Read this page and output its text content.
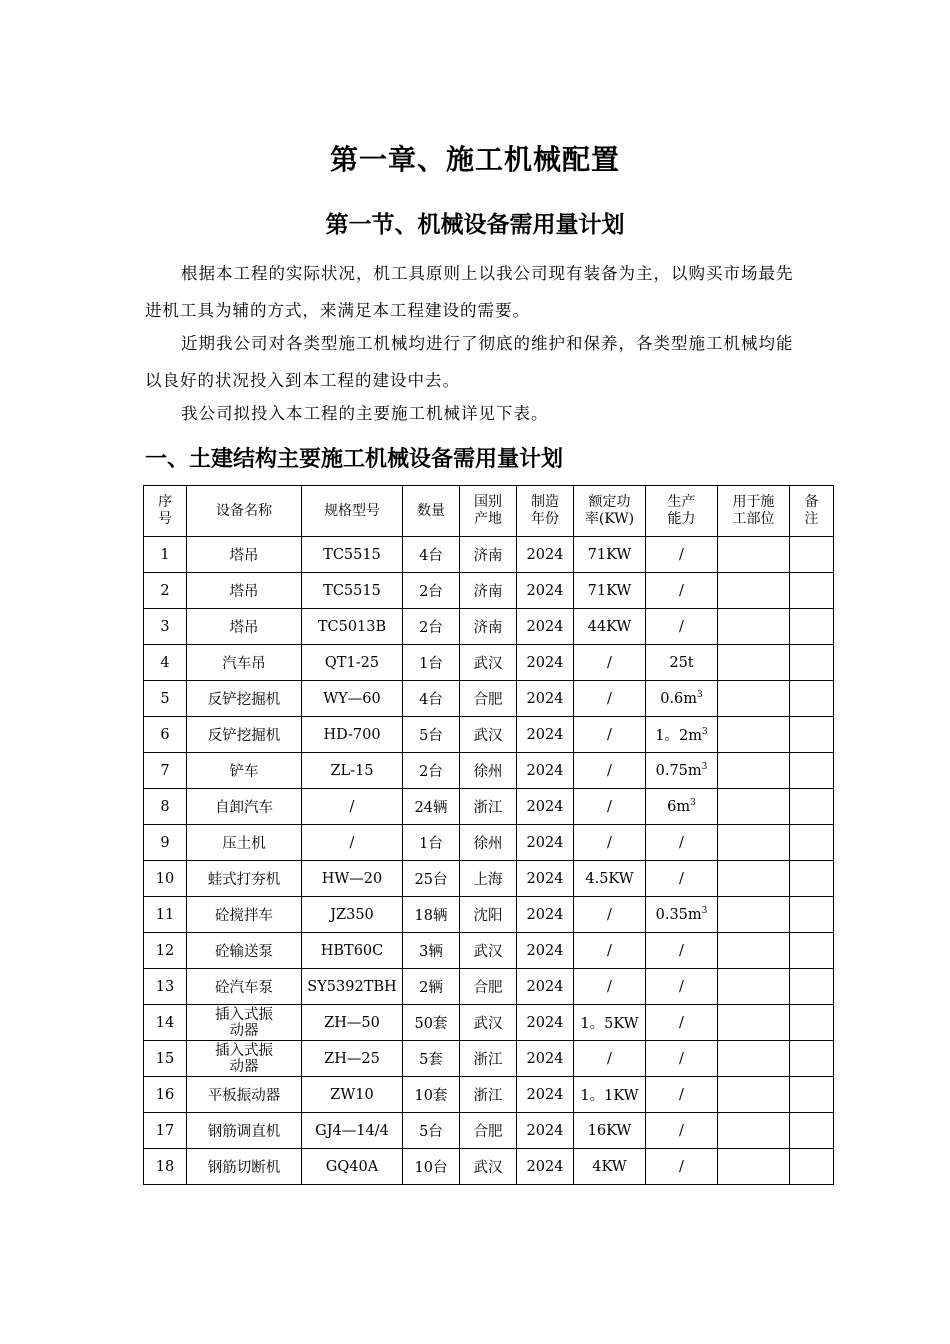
第一章、施工机械配置
第一节、机械设备需用量计划
根据本工程的实际状况，机工具原则上以我公司现有装备为主，以购买市场最先进机工具为辅的方式，来满足本工程建设的需要。
近期我公司对各类型施工机械均进行了彻底的维护和保养，各类型施工机械均能以良好的状况投入到本工程的建设中去。
我公司拟投入本工程的主要施工机械详见下表。
一、土建结构主要施工机械设备需用量计划
序号	设备名称	规格型号	数量	国别产地	制造年份	额定功率(KW)	生产能力	用于施工部位	备注
1	塔吊	TC5515	4台	济南	2024	71KW	/		
2	塔吊	TC5515	2台	济南	2024	71KW	/		
3	塔吊	TC5013B	2台	济南	2024	44KW	/		
4	汽车吊	QT1-25	1台	武汉	2024	/	25t		
5	反铲挖掘机	WY—60	4台	合肥	2024	/	$0.6m^3$		
6	反铲挖掘机	HD-700	5台	武汉	2024	/	1。$2m^3$		
7	铲车	ZL-15	2台	徐州	2024	/	$0.75m^3$		
8	自卸汽车	/	24辆	浙江	2024	/	$6m^3$		
9	压土机	/	1台	徐州	2024	/	/		
10	蛙式打夯机	HW—20	25台	上海	2024	4.5KW	/		
11	砼搅拌车	JZ350	18辆	沈阳	2024	/	$0.35m^3$		
12	砼输送泵	HBT60C	3辆	武汉	2024	/	/		
13	砼汽车泵	SY5392TBH	2辆	合肥	2024	/	/		
14	插入式振动器	ZH—50	50套	武汉	2024	1。5KW	/		
15	插入式振动器	ZH—25	5套	浙江	2024	/	/		
16	平板振动器	ZW10	10套	浙江	2024	1。1KW	/		
17	钢筋调直机	GJ4—14/4	5台	合肥	2024	16KW	/		
18	钢筋切断机	GQ40A	10台	武汉	2024	4KW	/		
